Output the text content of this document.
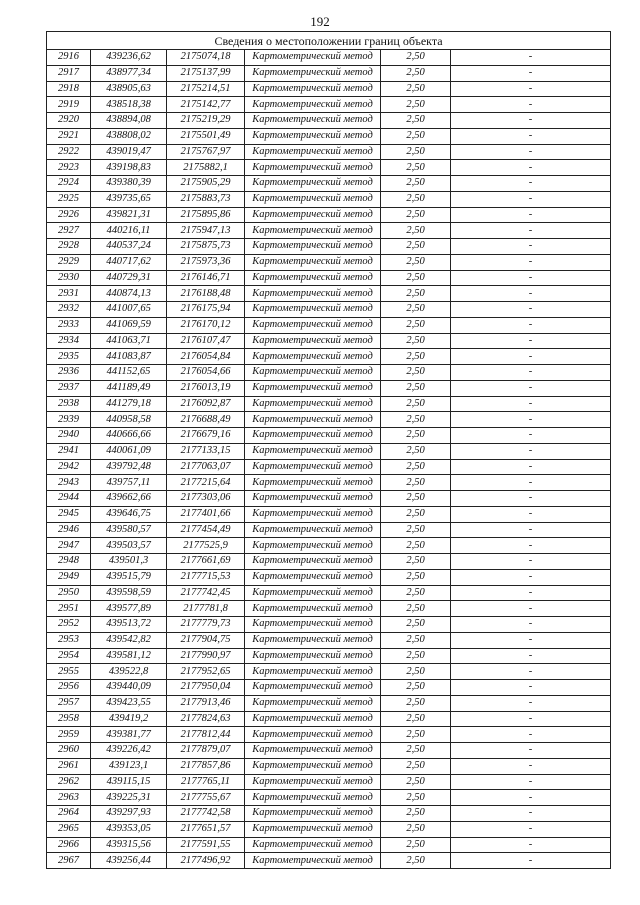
192
Сведения о местоположении границ объекта					
2916	439236,62	2175074,18	Картометрический метод	2,50	-
2917	438977,34	2175137,99	Картометрический метод	2,50	-
2918	438905,63	2175214,51	Картометрический метод	2,50	-
2919	438518,38	2175142,77	Картометрический метод	2,50	-
2920	438894,08	2175219,29	Картометрический метод	2,50	-
2921	438808,02	2175501,49	Картометрический метод	2,50	-
2922	439019,47	2175767,97	Картометрический метод	2,50	-
2923	439198,83	2175882,1	Картометрический метод	2,50	-
2924	439380,39	2175905,29	Картометрический метод	2,50	-
2925	439735,65	2175883,73	Картометрический метод	2,50	-
2926	439821,31	2175895,86	Картометрический метод	2,50	-
2927	440216,11	2175947,13	Картометрический метод	2,50	-
2928	440537,24	2175875,73	Картометрический метод	2,50	-
2929	440717,62	2175973,36	Картометрический метод	2,50	-
2930	440729,31	2176146,71	Картометрический метод	2,50	-
2931	440874,13	2176188,48	Картометрический метод	2,50	-
2932	441007,65	2176175,94	Картометрический метод	2,50	-
2933	441069,59	2176170,12	Картометрический метод	2,50	-
2934	441063,71	2176107,47	Картометрический метод	2,50	-
2935	441083,87	2176054,84	Картометрический метод	2,50	-
2936	441152,65	2176054,66	Картометрический метод	2,50	-
2937	441189,49	2176013,19	Картометрический метод	2,50	-
2938	441279,18	2176092,87	Картометрический метод	2,50	-
2939	440958,58	2176688,49	Картометрический метод	2,50	-
2940	440666,66	2176679,16	Картометрический метод	2,50	-
2941	440061,09	2177133,15	Картометрический метод	2,50	-
2942	439792,48	2177063,07	Картометрический метод	2,50	-
2943	439757,11	2177215,64	Картометрический метод	2,50	-
2944	439662,66	2177303,06	Картометрический метод	2,50	-
2945	439646,75	2177401,66	Картометрический метод	2,50	-
2946	439580,57	2177454,49	Картометрический метод	2,50	-
2947	439503,57	2177525,9	Картометрический метод	2,50	-
2948	439501,3	2177661,69	Картометрический метод	2,50	-
2949	439515,79	2177715,53	Картометрический метод	2,50	-
2950	439598,59	2177742,45	Картометрический метод	2,50	-
2951	439577,89	2177781,8	Картометрический метод	2,50	-
2952	439513,72	2177779,73	Картометрический метод	2,50	-
2953	439542,82	2177904,75	Картометрический метод	2,50	-
2954	439581,12	2177990,97	Картометрический метод	2,50	-
2955	439522,8	2177952,65	Картометрический метод	2,50	-
2956	439440,09	2177950,04	Картометрический метод	2,50	-
2957	439423,55	2177913,46	Картометрический метод	2,50	-
2958	439419,2	2177824,63	Картометрический метод	2,50	-
2959	439381,77	2177812,44	Картометрический метод	2,50	-
2960	439226,42	2177879,07	Картометрический метод	2,50	-
2961	439123,1	2177857,86	Картометрический метод	2,50	-
2962	439115,15	2177765,11	Картометрический метод	2,50	-
2963	439225,31	2177755,67	Картометрический метод	2,50	-
2964	439297,93	2177742,58	Картометрический метод	2,50	-
2965	439353,05	2177651,57	Картометрический метод	2,50	-
2966	439315,56	2177591,55	Картометрический метод	2,50	-
2967	439256,44	2177496,92	Картометрический метод	2,50	-
